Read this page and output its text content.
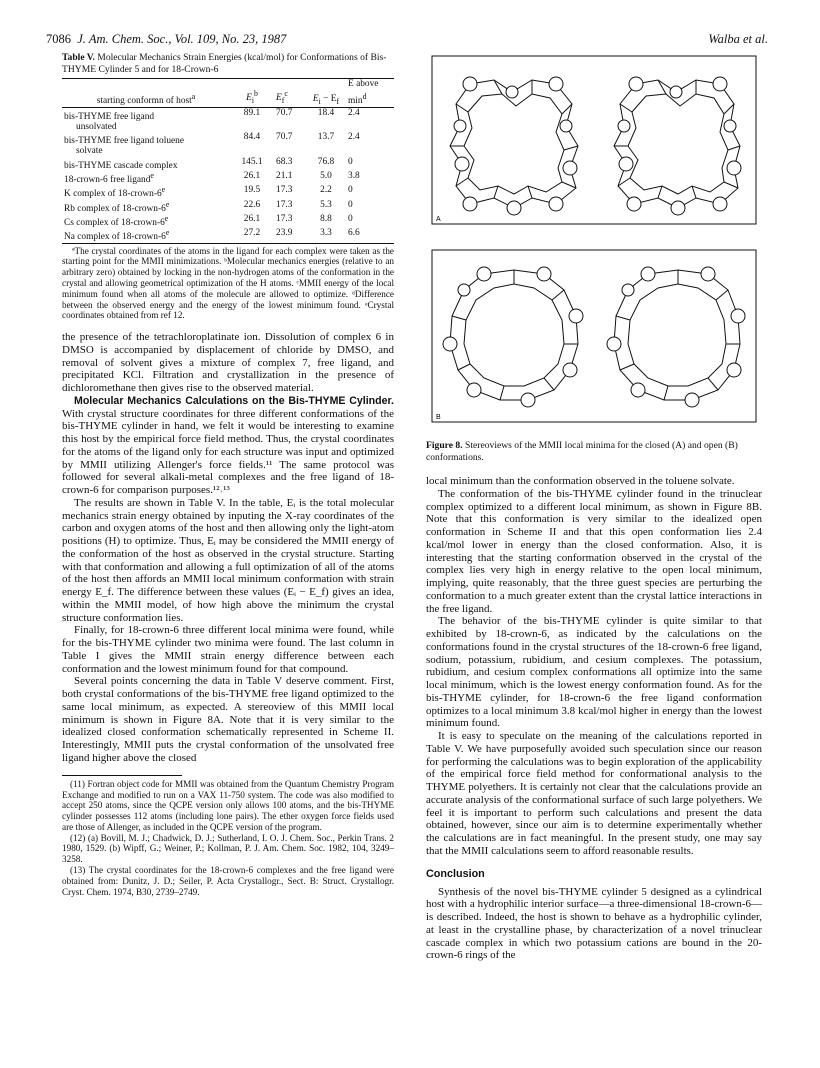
7086 J. Am. Chem. Soc., Vol. 109, No. 23, 1987	Walba et al.
Table V. Molecular Mechanics Strain Energies (kcal/mol) for Conformations of Bis-THYME Cylinder 5 and for 18-Crown-6
				E above
starting conformn of host$^a$	$E_i^b$	$E_f^c$	$E_i - E_f$	$\min^d$
bis-THYME free ligand
unsolvated	89.1	70.7	18.4	2.4
bis-THYME free ligand toluene
solvate	84.4	70.7	13.7	2.4
bis-THYME cascade complex	145.1	68.3	76.8	0
18-crown-6 free ligand$^e$	26.1	21.1	5.0	3.8
K complex of 18-crown-6e	19.5	17.3	2.2	0
Rb complex of 18-crown-6e	22.6	17.3	5.3	0
Cs complex of 18-crown-6e	26.1	17.3	8.8	0
Na complex of 18-crown-6e	27.2	23.9	3.3	6.6
ªThe crystal coordinates of the atoms in the ligand for each complex were taken as the starting point for the MMII minimizations. ᵇMolecular mechanics energies (relative to an arbitrary zero) obtained by locking in the non-hydrogen atoms of the conformation in the crystal and allowing geometrical optimization of the H atoms. ᶜMMII energy of the local minimum found when all atoms of the molecule are allowed to optimize. ᵈDifference between the observed energy and the energy of the lowest minimum found. ᵉCrystal coordinates obtained from ref 12.

the presence of the tetrachloroplatinate ion. Dissolution of complex 6 in DMSO is accompanied by displacement of chloride by DMSO, and removal of solvent gives a mixture of complex 7, free ligand, and precipitated KCl. Filtration and crystallization in the presence of dichloromethane then gives rise to the observed material.

Molecular Mechanics Calculations on the Bis-THYME Cylinder. With crystal structure coordinates for three different conformations of the bis-THYME cylinder in hand, we felt it would be interesting to examine this host by the empirical force field method. Thus, the crystal coordinates for the atoms of the ligand only for each structure was input and optimized by MMII utilizing Allenger's force fields.¹¹ The same protocol was followed for several alkali-metal complexes and the free ligand of 18-crown-6 for comparison purposes.¹²˒¹³

The results are shown in Table V. In the table, Eᵢ is the total molecular mechanics strain energy obtained by inputing the X-ray coordinates of the carbon and oxygen atoms of the host and then allowing only the light-atom positions (H) to optimize. Thus, Eᵢ may be considered the MMII energy of the conformation of the host as observed in the crystal structure. Starting with that conformation and allowing a full optimization of all of the atoms of the host then affords an MMII local minimum conformation with strain energy E_f. The difference between these values (Eᵢ − E_f) gives an idea, within the MMII model, of how high above the minimum the crystal structure conformation lies.

Finally, for 18-crown-6 three different local minima were found, while for the bis-THYME cylinder two minima were found. The last column in Table I gives the MMII strain energy difference between each conformation and the lowest minimum found for that compound.

Several points concerning the data in Table V deserve comment. First, both crystal conformations of the bis-THYME free ligand optimized to the same local minimum, as expected. A stereoview of this MMII local minimum is shown in Figure 8A. Note that it is very similar to the idealized closed conformation schematically represented in Scheme II. Interestingly, MMII puts the crystal conformation of the unsolvated free ligand higher above the closed

(11) Fortran object code for MMII was obtained from the Quantum Chemistry Program Exchange and modified to run on a VAX 11-750 system. The code was also modified to accept 250 atoms, since the QCPE version only allows 100 atoms, and the bis-THYME cylinder possesses 112 atoms (including lone pairs). The ether oxygen force fields used are those of Allenger, as included in the QCPE version of the program.

(12) (a) Bovill, M. J.; Chadwick, D. J.; Sutherland, I. O. J. Chem. Soc., Perkin Trans. 2 1980, 1529. (b) Wipff, G.; Weiner, P.; Kollman, P. J. Am. Chem. Soc. 1982, 104, 3249–3258.

(13) The crystal coordinates for the 18-crown-6 complexes and the free ligand were obtained from: Dunitz, J. D.; Seiler, P. Acta Crystallogr., Sect. B: Struct. Crystallogr. Cryst. Chem. 1974, B30, 2739–2749.

A
B
Figure 8. Stereoviews of the MMII local minima for the closed (A) and open (B) conformations.

local minimum than the conformation observed in the toluene solvate.

The conformation of the bis-THYME cylinder found in the trinuclear complex optimized to a different local minimum, as shown in Figure 8B. Note that this conformation is very similar to the idealized open conformation in Scheme II and that this open conformation lies 2.4 kcal/mol lower in energy than the closed conformation. Also, it is interesting that the starting conformation observed in the crystal of the complex lies very high in energy relative to the open local minimum, implying, quite reasonably, that the three guest species are perturbing the conformation to a much greater extent than the crystal lattice interactions in the free ligand.

The behavior of the bis-THYME cylinder is quite similar to that exhibited by 18-crown-6, as indicated by the calculations on the conformations found in the crystal structures of the 18-crown-6 free ligand, sodium, potassium, rubidium, and cesium complexes. The potassium, rubidium, and cesium complex conformations all optimize into the same local minimum, which is the lowest energy conformation found. As for the bis-THYME cylinder, for 18-crown-6 the free ligand conformation optimizes to a local minimum 3.8 kcal/mol higher in energy than the lowest minimum found.

It is easy to speculate on the meaning of the calculations reported in Table V. We have purposefully avoided such speculation since our reason for performing the calculations was to begin exploration of the applicability of the empirical force field method for conformational analysis to the THYME polyethers. It is certainly not clear that the calculations provide an accurate analysis of the conformational surface of such large polyethers. We feel it is important to perform such calculations and present the data obtained, however, since our aim is to determine experimentally whether the calculations are in fact meaningful. In the present study, one may say that the MMII calculations seem to afford reasonable results.

Conclusion

Synthesis of the novel bis-THYME cylinder 5 designed as a cylindrical host with a hydrophilic interior surface—a three-dimensional 18-crown-6—is described. Indeed, the host is shown to behave as a hydrophilic cylinder, at least in the crystalline phase, by characterization of a novel trinuclear cascade complex in which two potassium cations are bound in the 20-crown-6 rings of the
